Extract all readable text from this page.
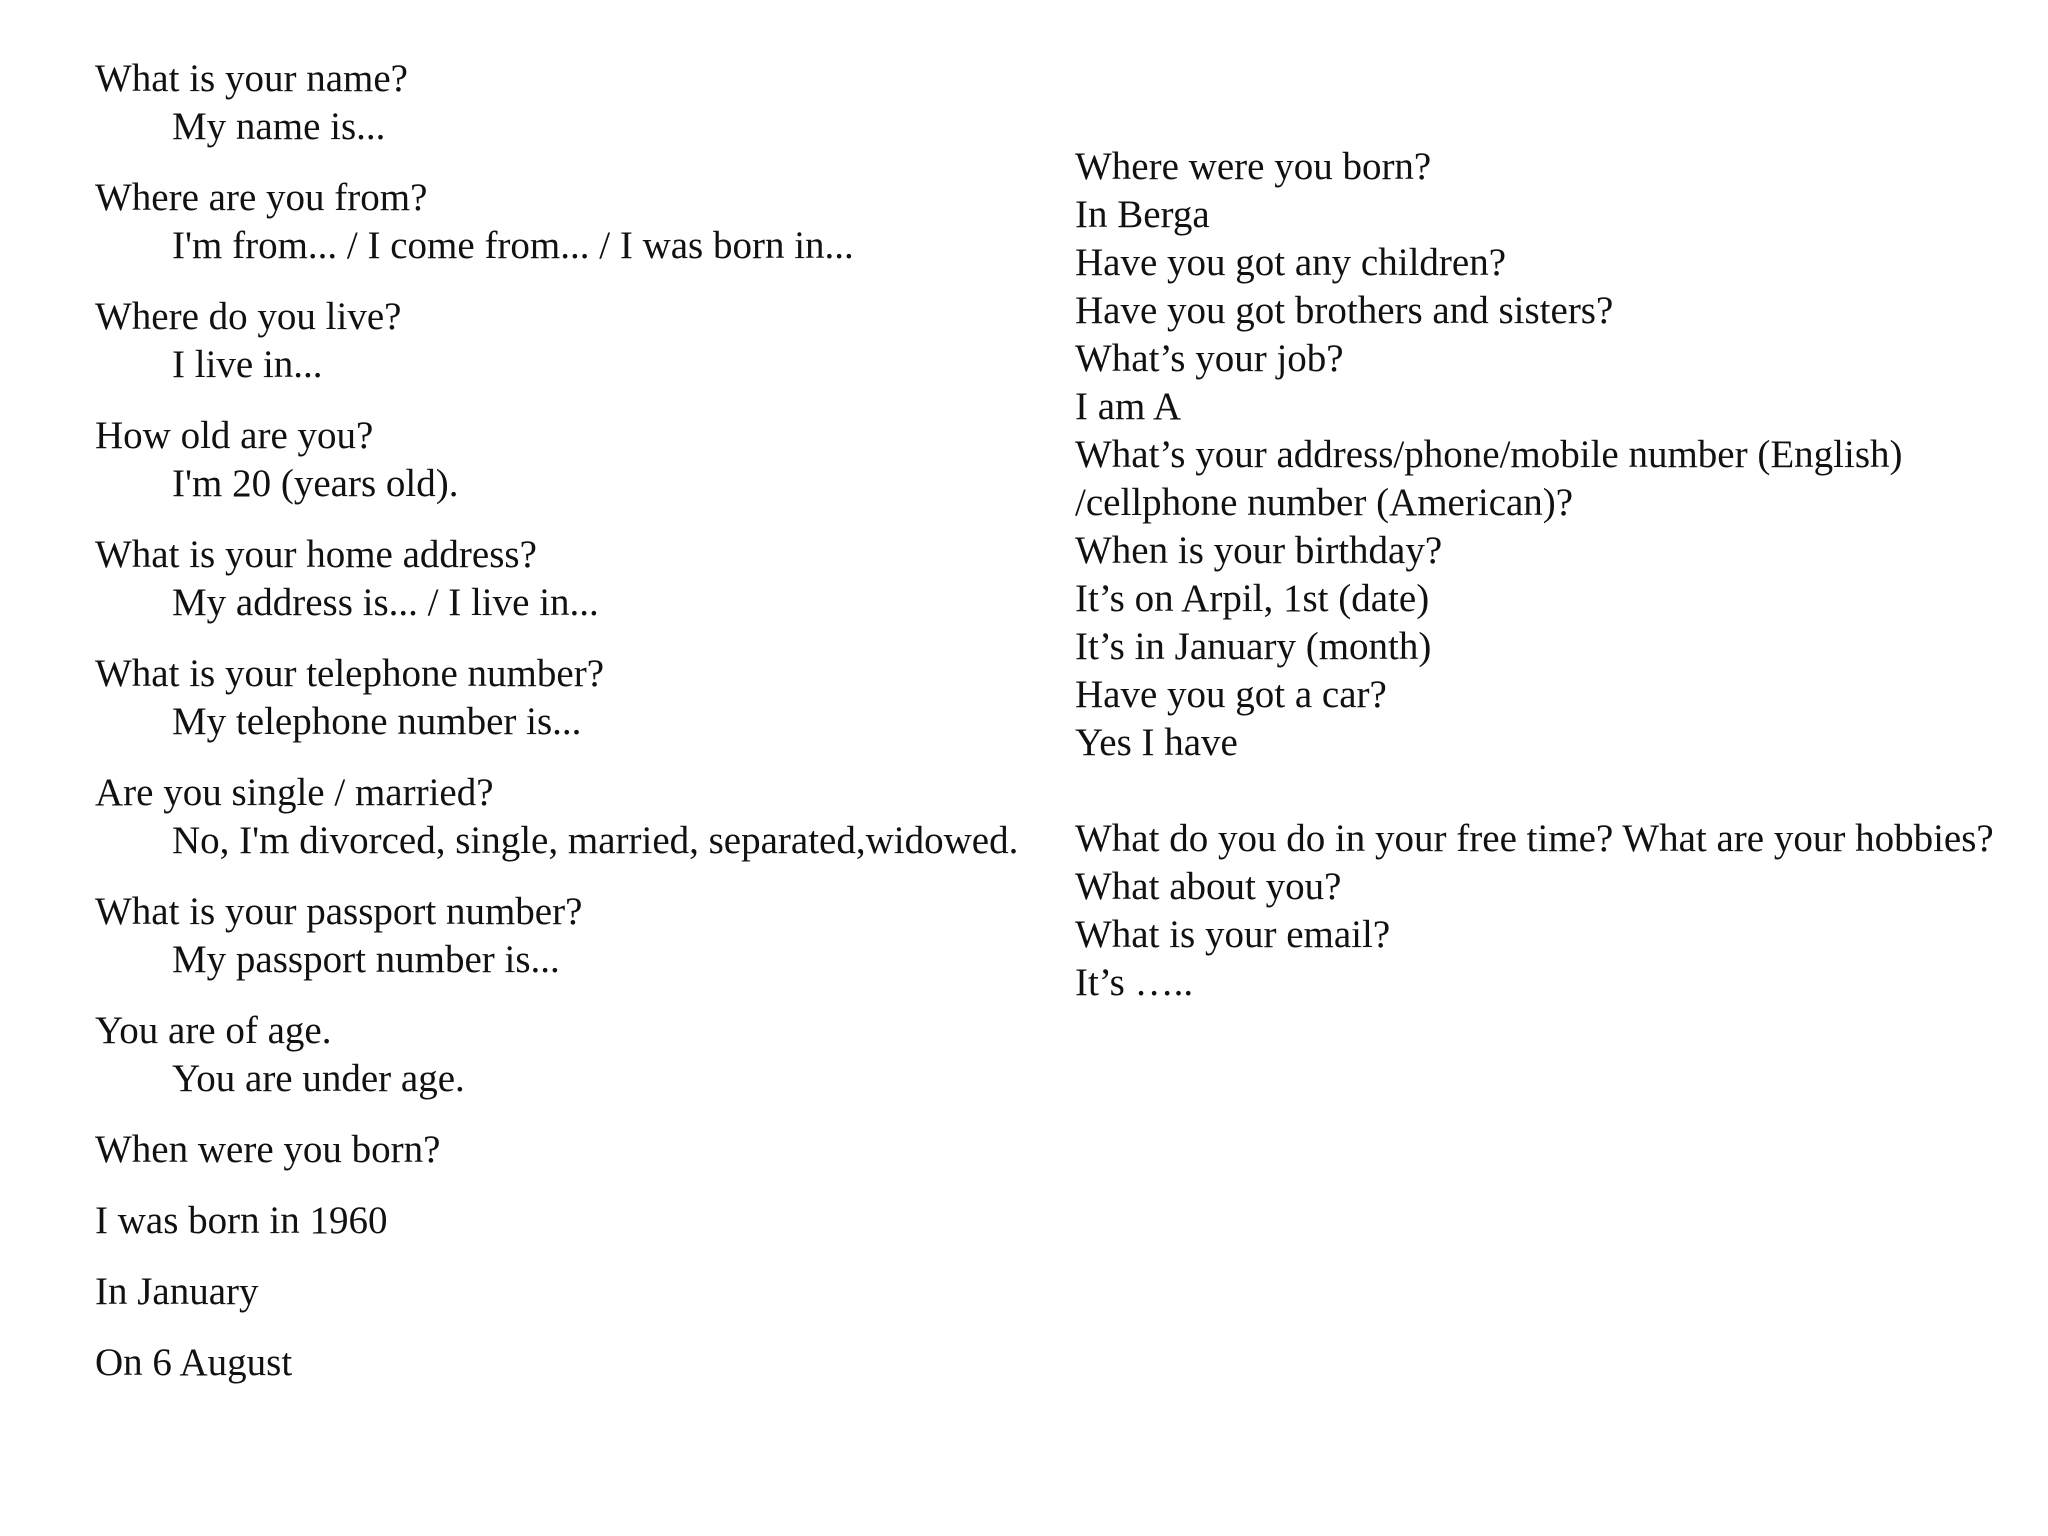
What is your name?
My name is...
Where are you from?
I'm from... / I come from... / I was born in...
Where do you live?
I live in...
How old are you?
I'm 20 (years old).
What is your home address?
My address is... / I live in...
What is your telephone number?
My telephone number is...
Are you single / married?
No, I'm divorced, single, married, separated,widowed.
What is your passport number?
My passport number is...
You are of age.
You are under age.
When were you born?
I was born in 1960
In January
On 6 August
Where were you born?
In Berga
Have you got any children?
Have you got brothers and sisters?
What’s your job?
I am A
What’s your address/phone/mobile number (English)
/cellphone number (American)?
When is your birthday?
It’s on Arpil, 1st (date)
It’s in January (month)
Have you got a car?
Yes I have
What do you do in your free time? What are your hobbies?
What about you?
What is your email?
It’s …..
